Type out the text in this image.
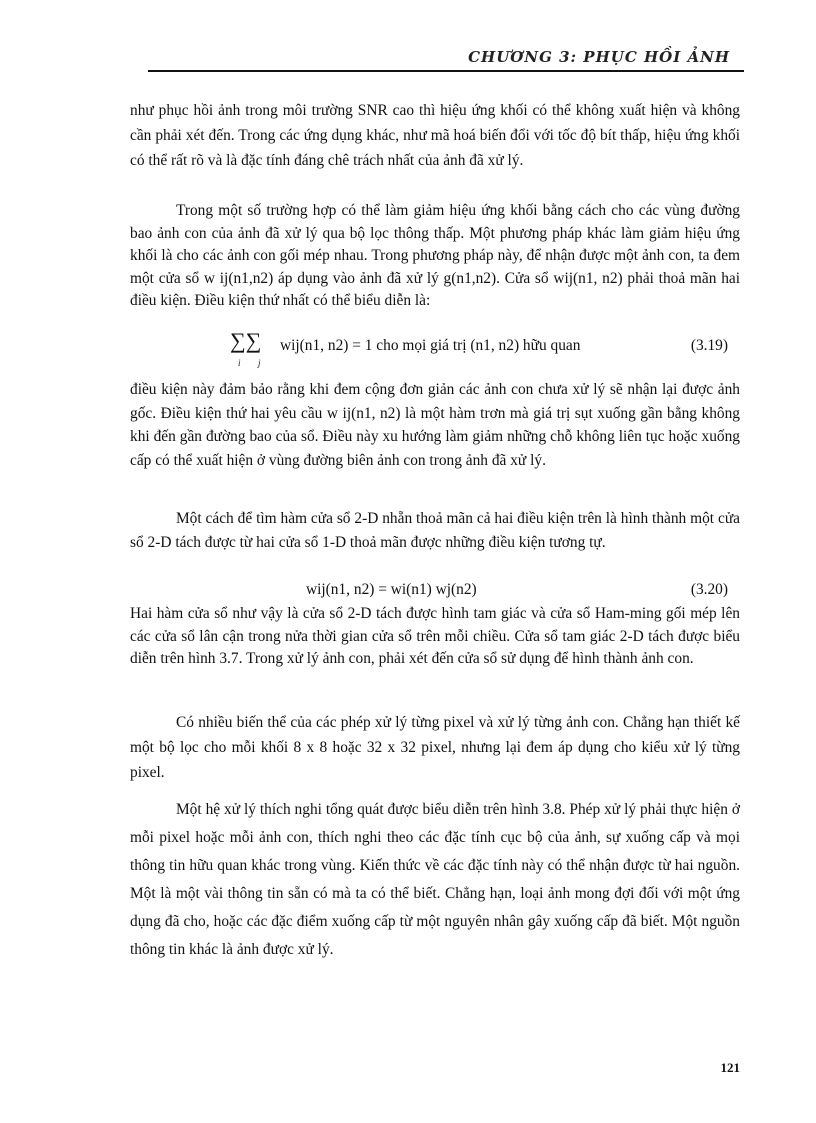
CHƯƠNG 3: PHỤC HỒI ẢNH

như phục hồi ảnh trong môi trường SNR cao thì hiệu ứng khối có thể không xuất hiện và không cần phải xét đến. Trong các ứng dụng khác, như mã hoá biến đổi với tốc độ bít thấp, hiệu ứng khối có thể rất rõ và là đặc tính đáng chê trách nhất của ảnh đã xử lý.

Trong một số trường hợp có thể làm giảm hiệu ứng khối bằng cách cho các vùng đường bao ảnh con của ảnh đã xử lý qua bộ lọc thông thấp. Một phương pháp khác làm giảm hiệu ứng khối là cho các ảnh con gối mép nhau. Trong phương pháp này, để nhận được một ảnh con, ta đem một cửa sổ w ij(n1,n2) áp dụng vào ảnh đã xử lý g(n1,n2). Cửa sổ wij(n1, n2) phải thoả mãn hai điều kiện. Điều kiện thứ nhất có thể biểu diễn là:

∑∑
i j
wij(n1, n2) = 1 cho mọi giá trị (n1, n2) hữu quan	(3.19)

điều kiện này đảm bảo rằng khi đem cộng đơn giản các ảnh con chưa xử lý sẽ nhận lại được ảnh gốc. Điều kiện thứ hai yêu cầu w ij(n1, n2) là một hàm trơn mà giá trị sụt xuống gần bằng không khi đến gần đường bao của sổ. Điều này xu hướng làm giảm những chỗ không liên tục hoặc xuống cấp có thể xuất hiện ở vùng đường biên ảnh con trong ảnh đã xử lý.

Một cách để tìm hàm cửa sổ 2-D nhẵn thoả mãn cả hai điều kiện trên là hình thành một cửa sổ 2-D tách được từ hai cửa sổ 1-D thoả mãn được những điều kiện tương tự.

wij(n1, n2) = wi(n1) wj(n2)	(3.20)

Hai hàm cửa sổ như vậy là cửa sổ 2-D tách được hình tam giác và cửa sổ Ham-ming gối mép lên các cửa sổ lân cận trong nửa thời gian cửa sổ trên mỗi chiều. Cửa sổ tam giác 2-D tách được biểu diễn trên hình 3.7. Trong xử lý ảnh con, phải xét đến cửa sổ sử dụng để hình thành ảnh con.

Có nhiều biến thể của các phép xử lý từng pixel và xử lý từng ảnh con. Chẳng hạn thiết kế một bộ lọc cho mỗi khối 8 x 8 hoặc 32 x 32 pixel, nhưng lại đem áp dụng cho kiểu xử lý từng pixel.

Một hệ xử lý thích nghi tổng quát được biểu diễn trên hình 3.8. Phép xử lý phải thực hiện ở mỗi pixel hoặc mỗi ảnh con, thích nghi theo các đặc tính cục bộ của ảnh, sự xuống cấp và mọi thông tin hữu quan khác trong vùng. Kiến thức về các đặc tính này có thể nhận được từ hai nguồn. Một là một vài thông tin sẵn có mà ta có thể biết. Chẳng hạn, loại ảnh mong đợi đối với một ứng dụng đã cho, hoặc các đặc điểm xuống cấp từ một nguyên nhân gây xuống cấp đã biết. Một nguồn thông tin khác là ảnh được xử lý.

121
